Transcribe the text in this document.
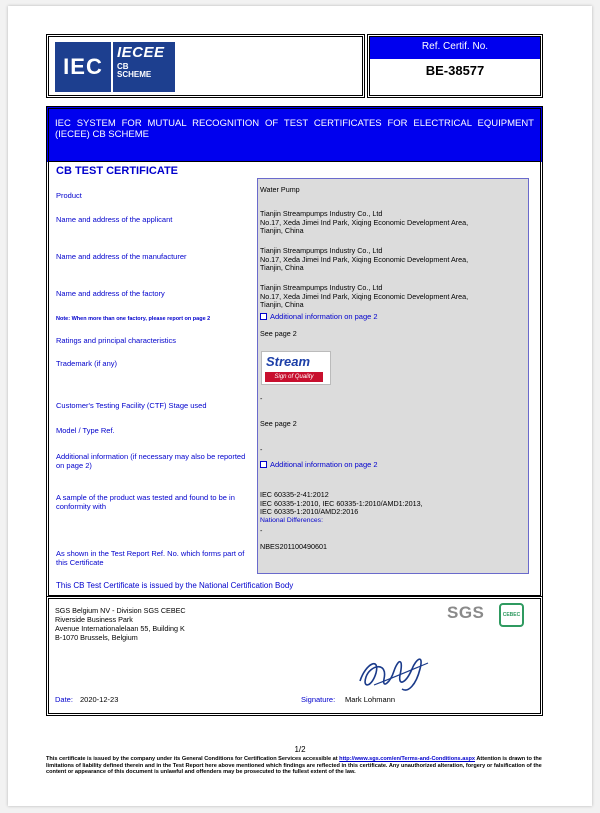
IEC
IECEE
CB
SCHEME
Ref. Certif. No.
BE-38577
IEC SYSTEM FOR MUTUAL RECOGNITION OF TEST CERTIFICATES FOR ELECTRICAL EQUIPMENT (IECEE) CB SCHEME
CB TEST CERTIFICATE
Product
Water Pump
Name and address of the applicant
Tianjin Streampumps Industry Co., Ltd
No.17, Xeda Jimei Ind Park, Xiqing Economic Development Area,
Tianjin, China
Name and address of the manufacturer
Tianjin Streampumps Industry Co., Ltd
No.17, Xeda Jimei Ind Park, Xiqing Economic Development Area,
Tianjin, China
Name and address of the factory
Tianjin Streampumps Industry Co., Ltd
No.17, Xeda Jimei Ind Park, Xiqing Economic Development Area,
Tianjin, China
Note: When more than one factory, please report on page 2	Additional information on page 2
Ratings and principal characteristics
See page 2
Trademark (if any)	Stream
Sign of Quality
Customer's Testing Facility (CTF) Stage used
-
Model / Type Ref.
See page 2
Additional information (if necessary may also be reported on page 2)
-
Additional information on page 2
A sample of the product was tested and found to be in conformity with
IEC 60335-2-41:2012
IEC 60335-1:2010, IEC 60335-1:2010/AMD1:2013,
IEC 60335-1:2010/AMD2:2016
National Differences:
-
As shown in the Test Report Ref. No. which forms part of this Certificate
NBES201100490601
This CB Test Certificate is issued by the National Certification Body
SGS Belgium NV - Division SGS CEBEC
Riverside Business Park
Avenue Internationalelaan 55, Building K
B-1070 Brussels, Belgium
SGS	CEBEC
Date: 2020-12-23	Signature: Mark Lohmann
1/2
This certificate is issued by the company under its General Conditions for Certification Services accessible at http://www.sgs.com/en/Terms-and-Conditions.aspx Attention is drawn to the limitations of liability defined therein and in the Test Report here above mentioned which findings are reflected in this certificate. Any unauthorized alteration, forgery or falsification of the content or appearance of this document is unlawful and offenders may be prosecuted to the fullest extent of the law.
